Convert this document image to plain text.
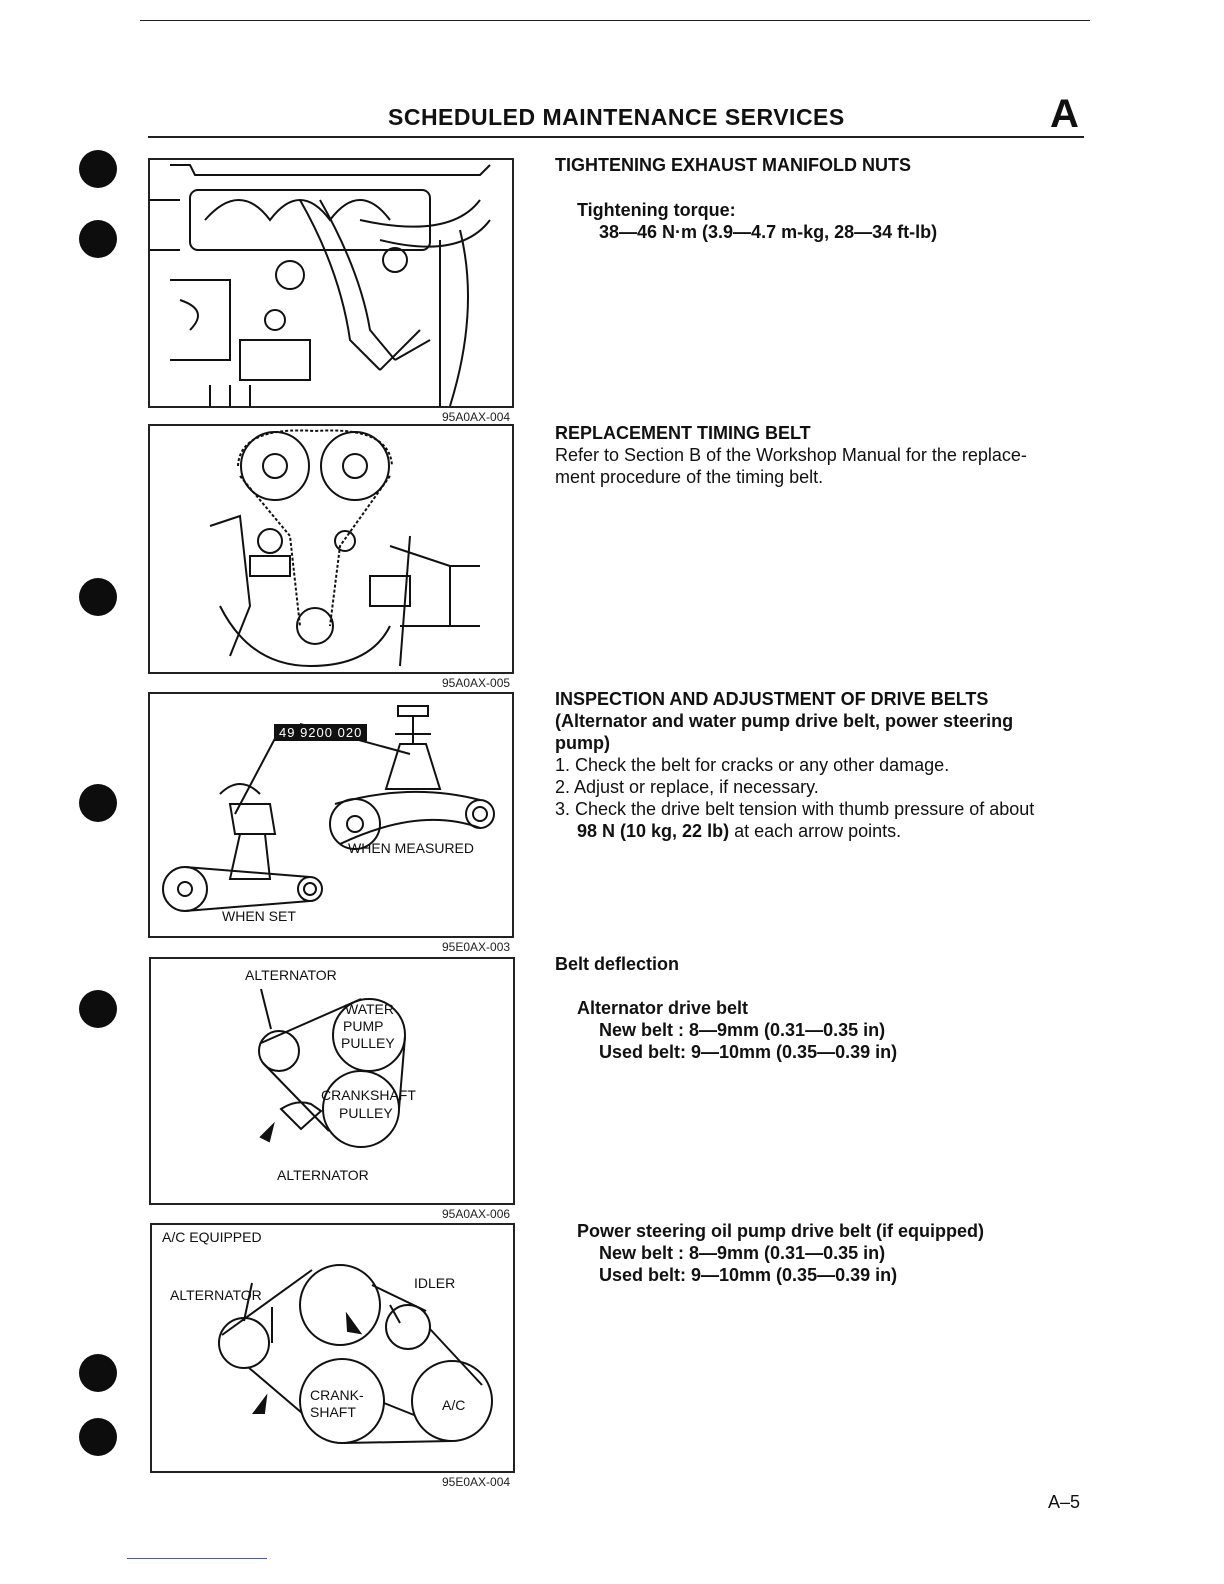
SCHEDULED MAINTENANCE SERVICES	A
95A0AX-004
95A0AX-005
49 9200 020
WHEN MEASURED
WHEN SET
95E0AX-003
ALTERNATOR
WATER
PUMP
PULLEY
CRANKSHAFT
PULLEY
ALTERNATOR
95A0AX-006
A/C EQUIPPED
ALTERNATOR
IDLER
CRANK-
SHAFT	A/C
95E0AX-004
TIGHTENING EXHAUST MANIFOLD NUTS
Tightening torque:
38—46 N·m (3.9—4.7 m-kg, 28—34 ft-lb)
REPLACEMENT TIMING BELT
Refer to Section B of the Workshop Manual for the replace-
ment procedure of the timing belt.
INSPECTION AND ADJUSTMENT OF DRIVE BELTS
(Alternator and water pump drive belt, power steering
pump)
1. Check the belt for cracks or any other damage.
2. Adjust or replace, if necessary.
3. Check the drive belt tension with thumb pressure of about
98 N (10 kg, 22 lb) at each arrow points.
Belt deflection
Alternator drive belt
New belt : 8—9mm (0.31—0.35 in)
Used belt: 9—10mm (0.35—0.39 in)
Power steering oil pump drive belt (if equipped)
New belt : 8—9mm (0.31—0.35 in)
Used belt: 9—10mm (0.35—0.39 in)
A–5
